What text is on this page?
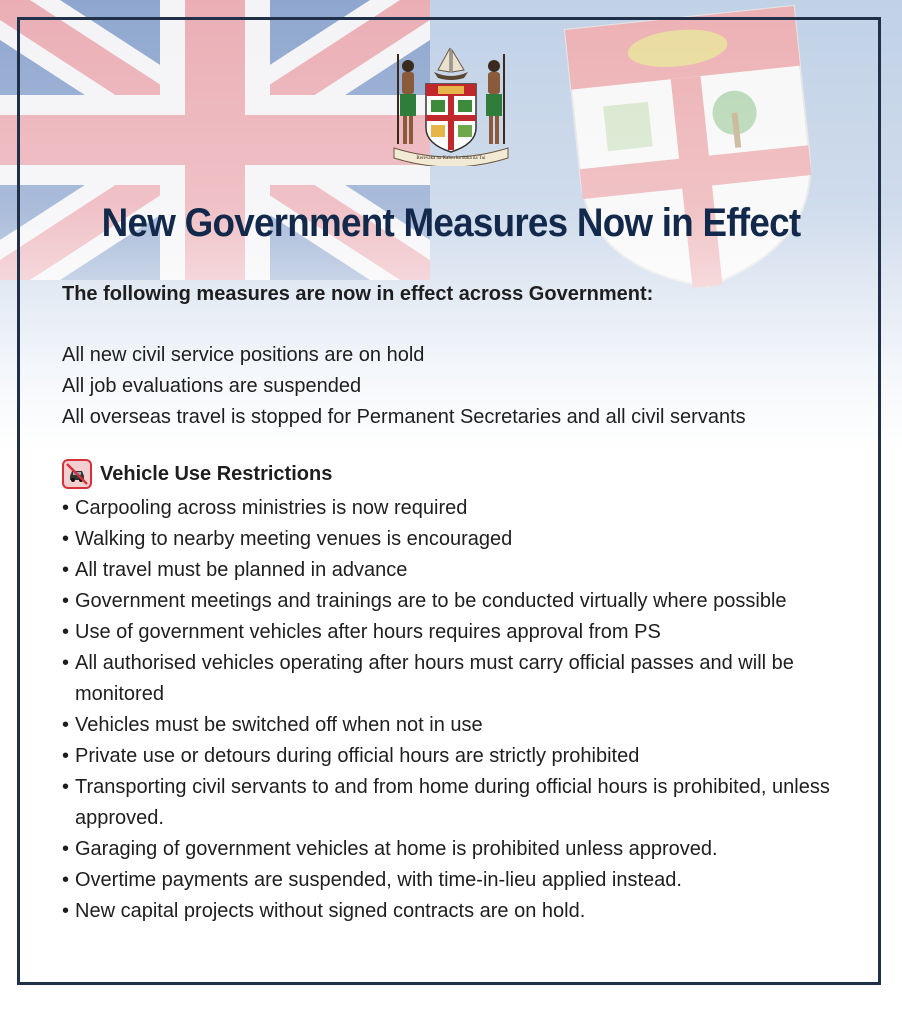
Rerevaka na Kalou ka doka na Tui
New Government Measures Now in Effect
The following measures are now in effect across Government:
All new civil service positions are on hold
All job evaluations are suspended
All overseas travel is stopped for Permanent Secretaries and all civil servants
Vehicle Use Restrictions
• Carpooling across ministries is now required
• Walking to nearby meeting venues is encouraged
• All travel must be planned in advance
• Government meetings and trainings are to be conducted virtually where possible
• Use of government vehicles after hours requires approval from PS
• All authorised vehicles operating after hours must carry official passes and will be monitored
• Vehicles must be switched off when not in use
• Private use or detours during official hours are strictly prohibited
• Transporting civil servants to and from home during official hours is prohibited, unless approved.
• Garaging of government vehicles at home is prohibited unless approved.
• Overtime payments are suspended, with time-in-lieu applied instead.
• New capital projects without signed contracts are on hold.
